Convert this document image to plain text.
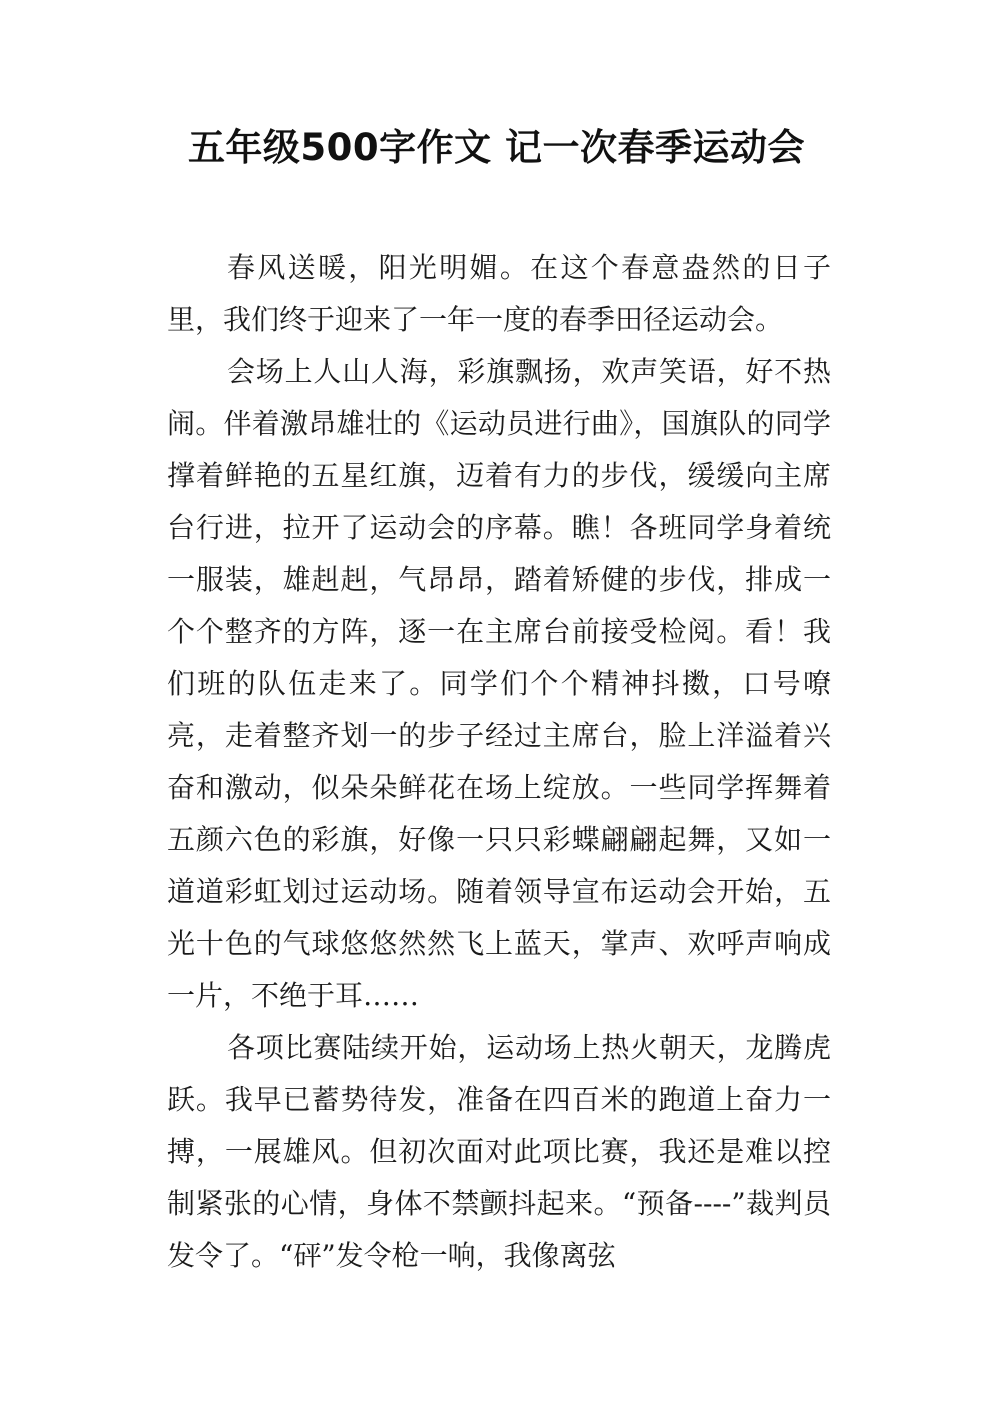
五年级500字作文 记一次春季运动会

春风送暖，阳光明媚。在这个春意盎然的日子里，我们终于迎来了一年一度的春季田径运动会。

会场上人山人海，彩旗飘扬，欢声笑语，好不热闹。伴着激昂雄壮的《运动员进行曲》，国旗队的同学撑着鲜艳的五星红旗，迈着有力的步伐，缓缓向主席台行进，拉开了运动会的序幕。瞧！各班同学身着统一服装，雄赳赳，气昂昂，踏着矫健的步伐，排成一个个整齐的方阵，逐一在主席台前接受检阅。看！我们班的队伍走来了。同学们个个精神抖擞，口号嘹亮，走着整齐划一的步子经过主席台，脸上洋溢着兴奋和激动，似朵朵鲜花在场上绽放。一些同学挥舞着五颜六色的彩旗，好像一只只彩蝶翩翩起舞，又如一道道彩虹划过运动场。随着领导宣布运动会开始，五光十色的气球悠悠然然飞上蓝天，掌声、欢呼声响成一片，不绝于耳……

各项比赛陆续开始，运动场上热火朝天，龙腾虎跃。我早已蓄势待发，准备在四百米的跑道上奋力一搏，一展雄风。但初次面对此项比赛，我还是难以控制紧张的心情，身体不禁颤抖起来。“预备----”裁判员发令了。“砰”发令枪一响，我像离弦
